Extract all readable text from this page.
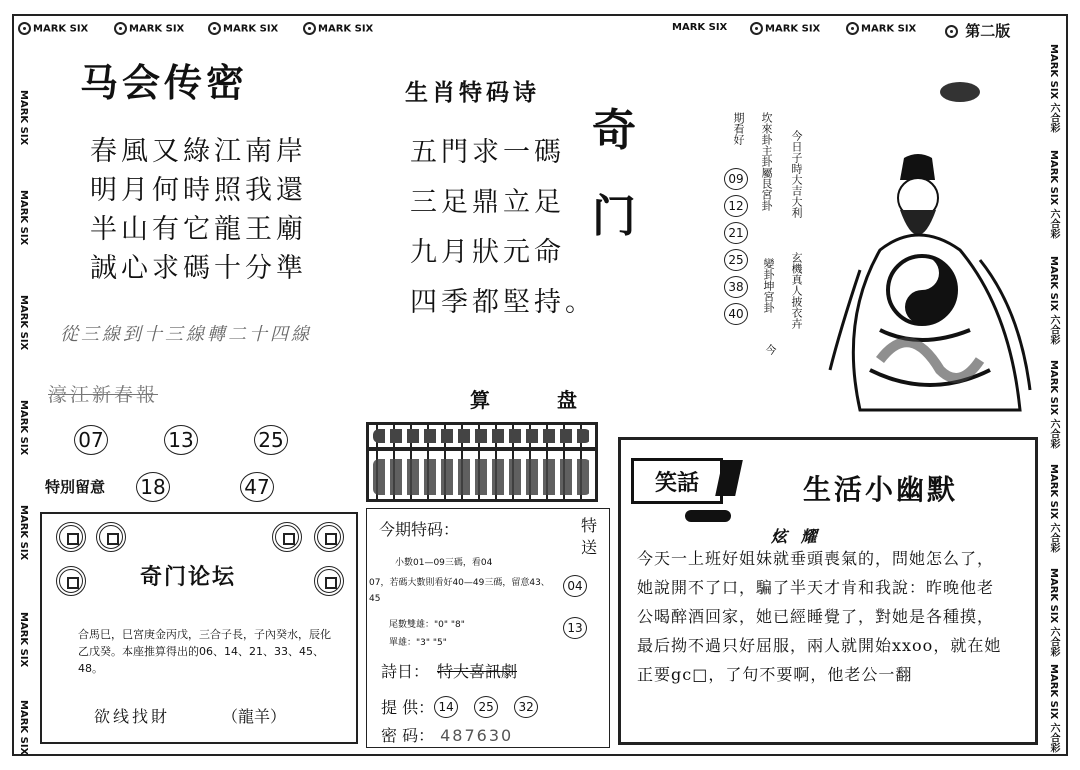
MARK SIX	MARK SIX	MARK SIX	MARK SIX	MARK SIX	MARK SIX	MARK SIX	第二版
MARK SIX
MARK SIX
MARK SIX
MARK SIX
MARK SIX
MARK SIX
MARK SIX
MARK SIX 六合彩
MARK SIX 六合彩
MARK SIX 六合彩
MARK SIX 六合彩
MARK SIX 六合彩
MARK SIX 六合彩
MARK SIX 六合彩
马会传密
春風又綠江南岸
明月何時照我還
半山有它龍王廟
誠心求碼十分準
從三線到十三線轉二十四線
濠江新春報
07	13	25
特別留意 18	47
奇门论坛
合馬巳，巳宮庚金丙戊，三合子長，子內癸水，辰化乙戊癸。本座推算得出的06、14、21、33、45、48。
欲线找財	（龍羊）
生肖特码诗
五門求一碼
三足鼎立足
九月狀元命
四季都堅持。
奇门
算 盘
今期特码：	特送
小數01—09三碼，看04
07，若碼大數則看好40—49三碼，留意43、45
尾數雙雄："0" "8"
單雄："3" "5"
04
13
詩日： 特大喜訊劇
提 供： 14	25	32
密 码： 487630
期看好 坎來卦主卦屬艮宮卦
變卦坤宮卦
今日子時大吉大利
玄機真人披衣卉
今
09
12
21
25
38
40
笑話	生活小幽默
炫 耀
今天一上班好姐妹就垂頭喪氣的，問她怎么了，她說開不了口，騙了半天才肯和我說：昨晚他老公喝醉酒回家，她已經睡覺了，對她是各種摸，最后拗不過只好屈服，兩人就開始xxoo，就在她正要gc□，了句不要啊，他老公一翻
